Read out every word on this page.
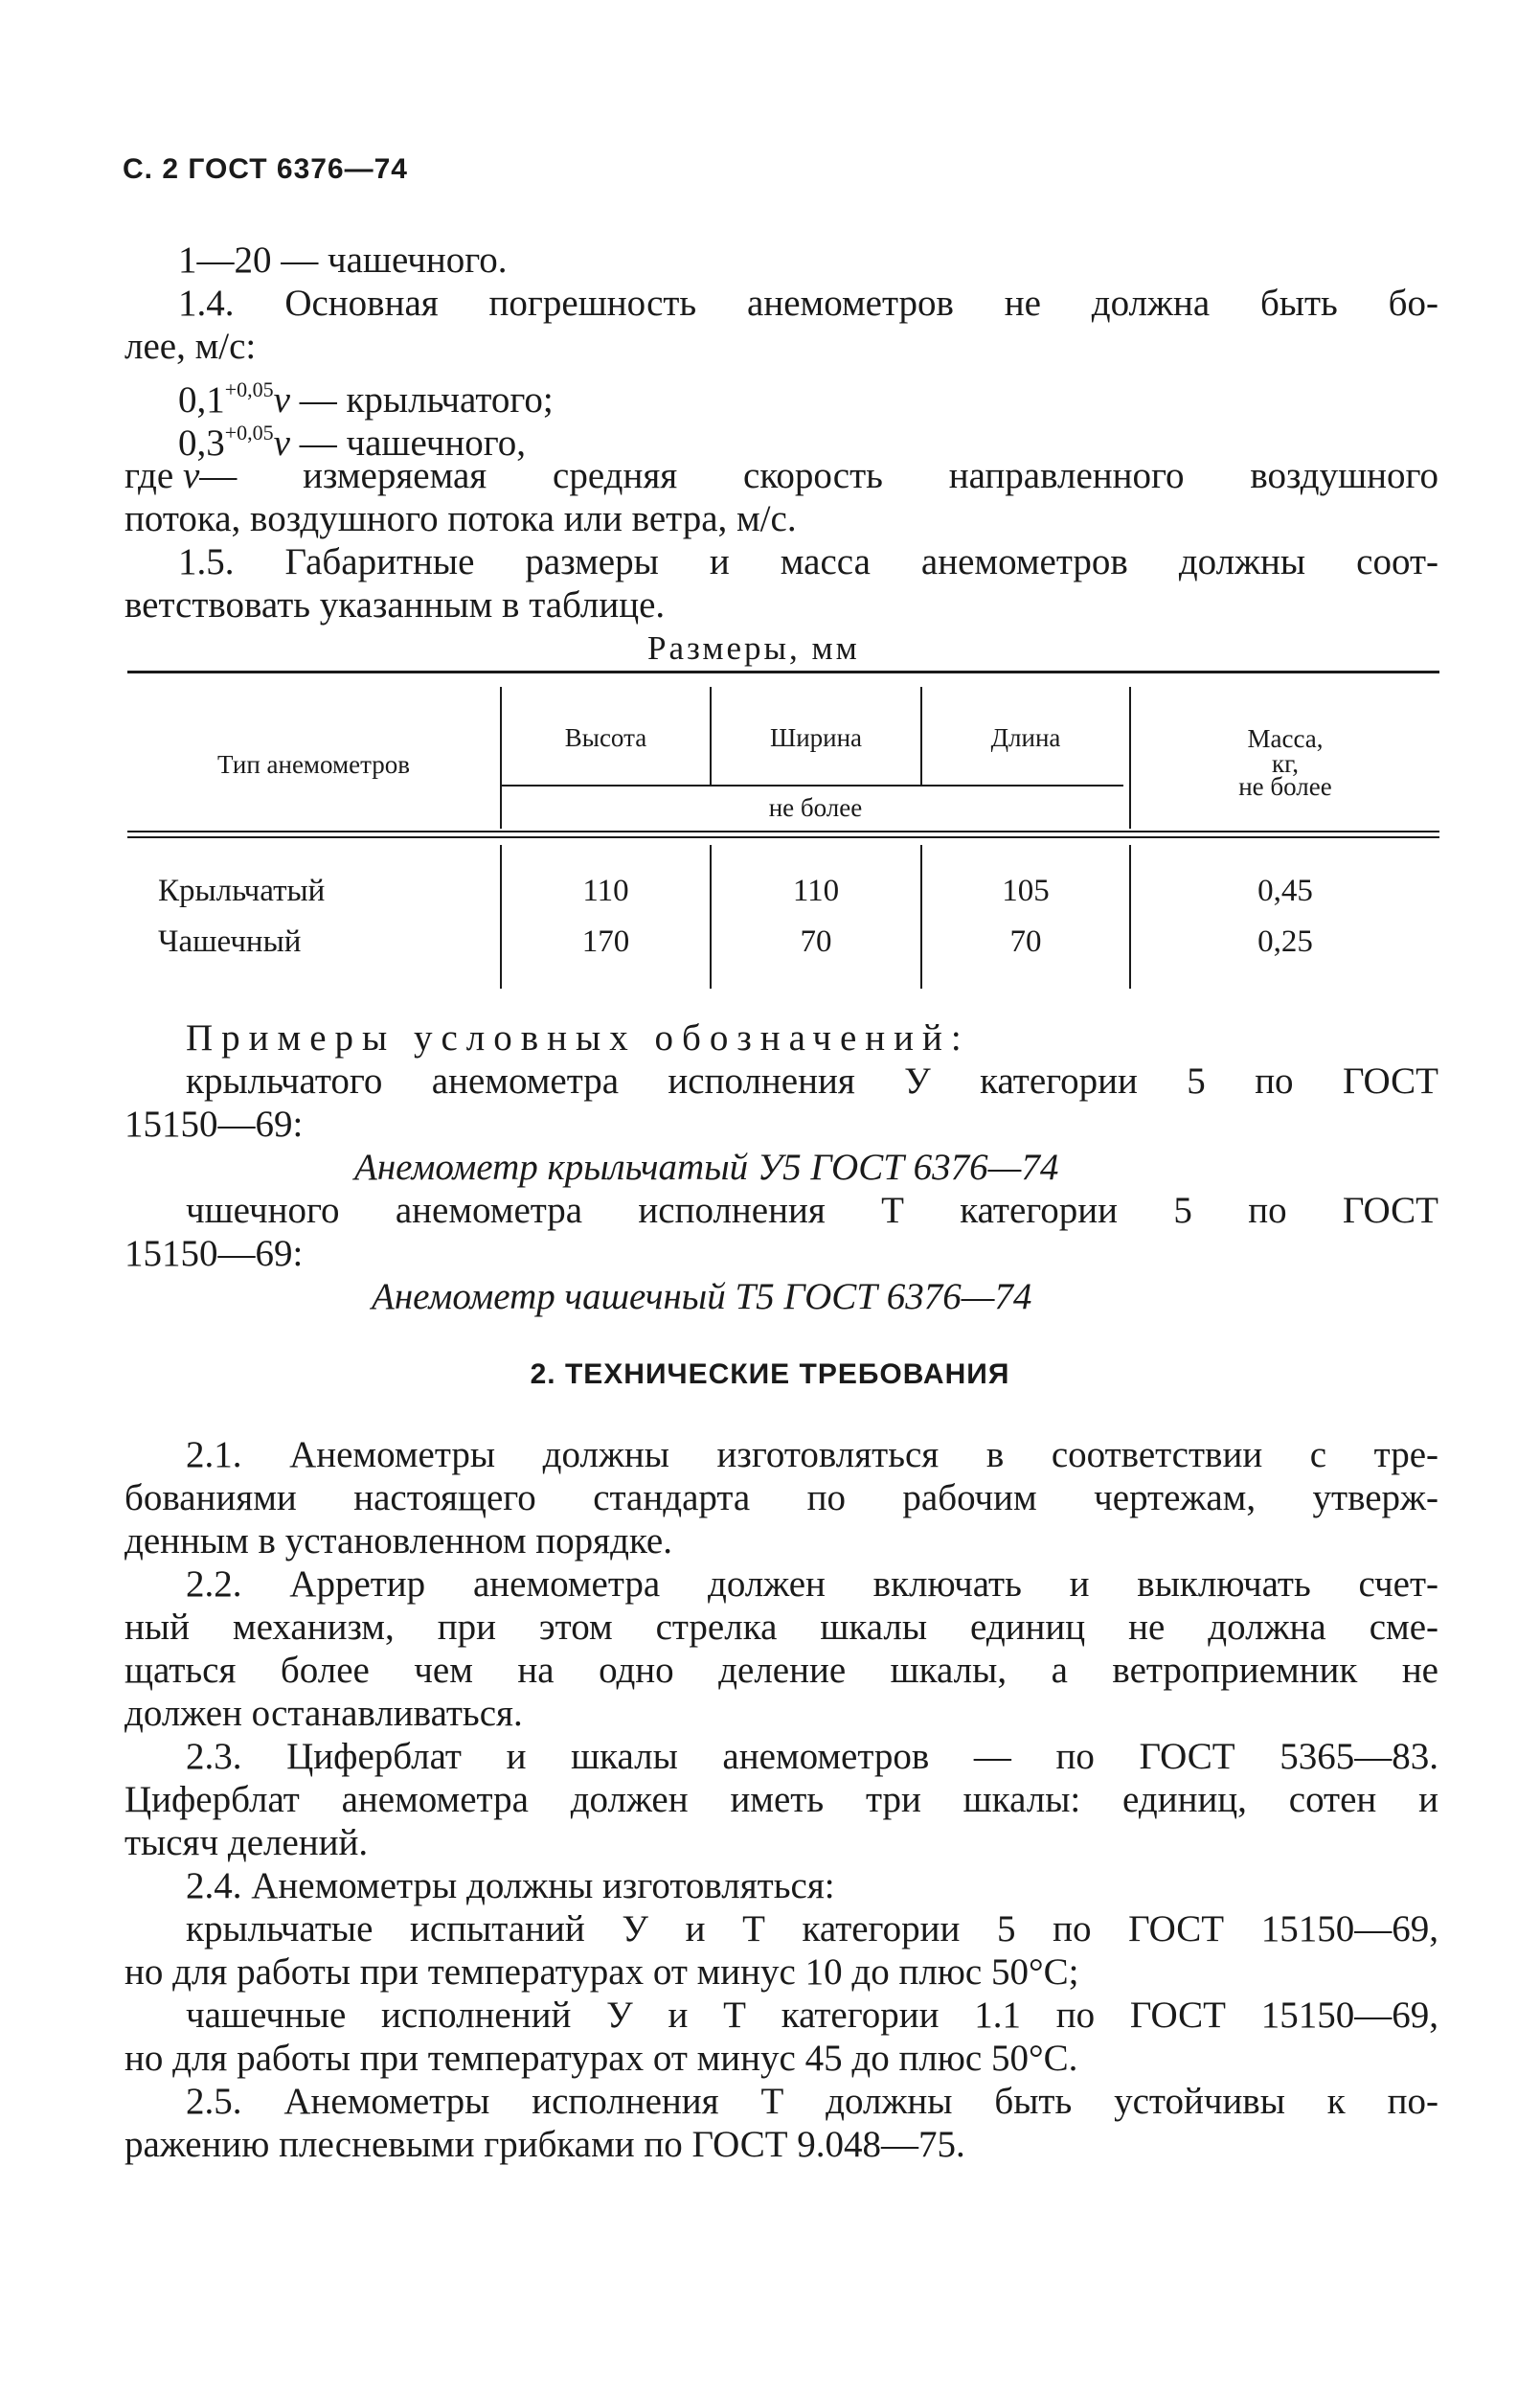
С. 2 ГОСТ 6376—74
1—20 — чашечного.
1.4. Основная погрешность анемометров не должна быть бо-
лее, м/с:
$0,1^{+0,05}v$ — крыльчатого;
$0,3^{+0,05}v$ — чашечного,
где v — измеряемая средняя скорость направленного воздушного
потока, воздушного потока или ветра, м/с.
1.5. Габаритные размеры и масса анемометров должны соот-
ветствовать указанным в таблице.
Размеры, мм
Тип анемометров
Высота	Ширина	Длина	Масса,
кг,
не более
не более
Крыльчатый	110	110	105	0,45
Чашечный	170	70	70	0,25
Примеры условных обозначений:
крыльчатого анемометра исполнения У категории 5 по ГОСТ
15150—69:
Анемометр крыльчатый У5 ГОСТ 6376—74
чшечного анемометра исполнения Т категории 5 по ГОСТ
15150—69:
Анемометр чашечный Т5 ГОСТ 6376—74
2. ТЕХНИЧЕСКИЕ ТРЕБОВАНИЯ
2.1. Анемометры должны изготовляться в соответствии с тре-
бованиями настоящего стандарта по рабочим чертежам, утверж-
денным в установленном порядке.
2.2. Арретир анемометра должен включать и выключать счет-
ный механизм, при этом стрелка шкалы единиц не должна сме-
щаться более чем на одно деление шкалы, а ветроприемник не
должен останавливаться.
2.3. Циферблат и шкалы анемометров — по ГОСТ 5365—83.
Циферблат анемометра должен иметь три шкалы: единиц, сотен и
тысяч делений.
2.4. Анемометры должны изготовляться:
крыльчатые испытаний У и Т категории 5 по ГОСТ 15150—69,
но для работы при температурах от минус 10 до плюс 50°С;
чашечные исполнений У и Т категории 1.1 по ГОСТ 15150—69,
но для работы при температурах от минус 45 до плюс 50°С.
2.5. Анемометры исполнения Т должны быть устойчивы к по-
ражению плесневыми грибками по ГОСТ 9.048—75.
